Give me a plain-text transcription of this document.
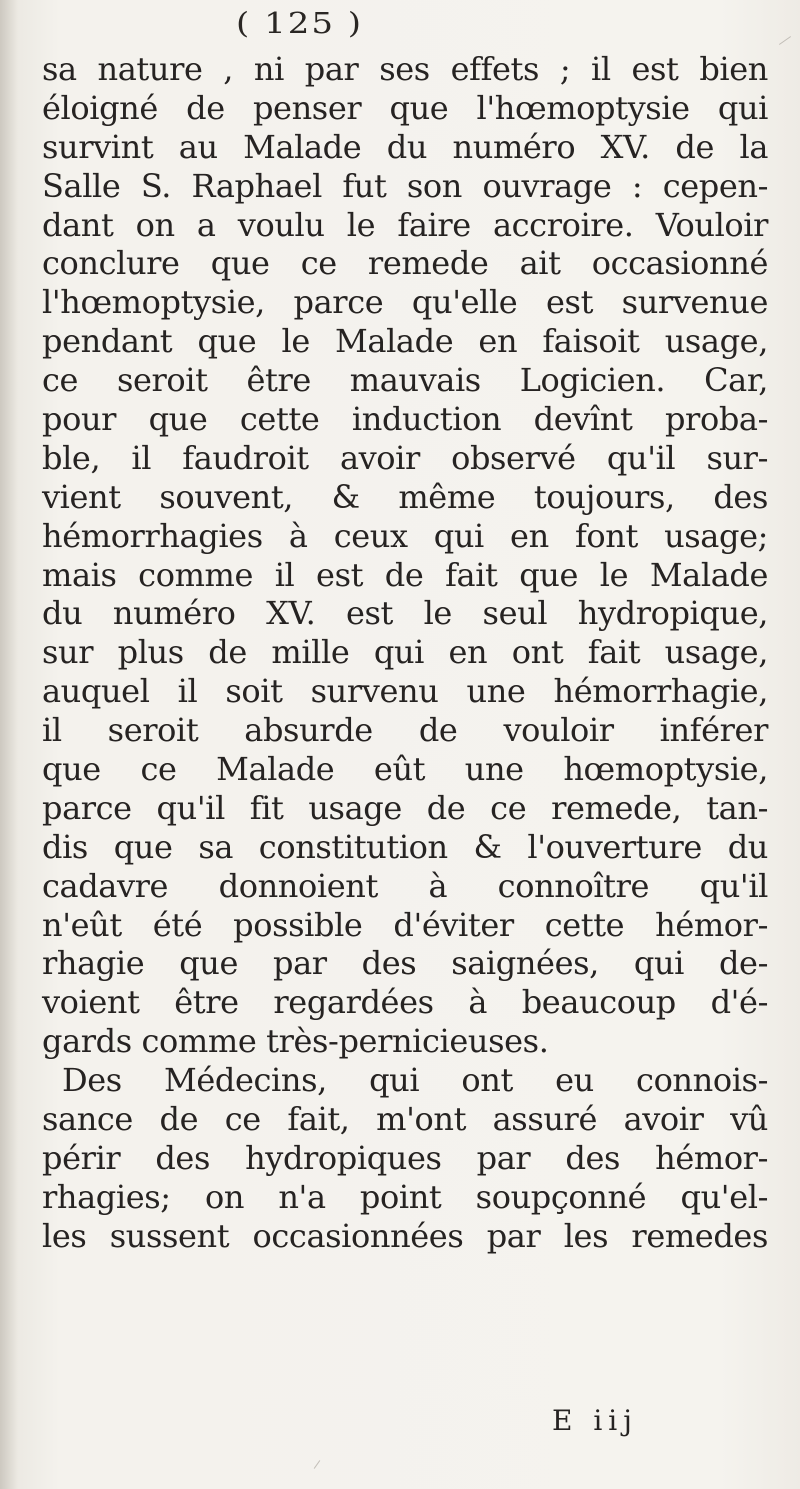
( 125 )
sa nature , ni par ses effets ; il est bien
éloigné de penser que l'hœmoptysie qui
survint au Malade du numéro XV. de la
Salle S. Raphael fut son ouvrage : cepen-
dant on a voulu le faire accroire. Vouloir
conclure que ce remede ait occasionné
l'hœmoptysie, parce qu'elle est survenue
pendant que le Malade en faisoit usage,
ce seroit être mauvais Logicien. Car,
pour que cette induction devînt proba-
ble, il faudroit avoir observé qu'il sur-
vient souvent, & même toujours, des
hémorrhagies à ceux qui en font usage;
mais comme il est de fait que le Malade
du numéro XV. est le seul hydropique,
sur plus de mille qui en ont fait usage,
auquel il soit survenu une hémorrhagie,
il seroit absurde de vouloir inférer
que ce Malade eût une hœmoptysie,
parce qu'il fit usage de ce remede, tan-
dis que sa constitution & l'ouverture du
cadavre donnoient à connoître qu'il
n'eût été possible d'éviter cette hémor-
rhagie que par des saignées, qui de-
voient être regardées à beaucoup d'é-
gards comme très-pernicieuses.
Des Médecins, qui ont eu connois-
sance de ce fait, m'ont assuré avoir vû
périr des hydropiques par des hémor-
rhagies; on n'a point soupçonné qu'el-
les sussent occasionnées par les remedes
E iij
